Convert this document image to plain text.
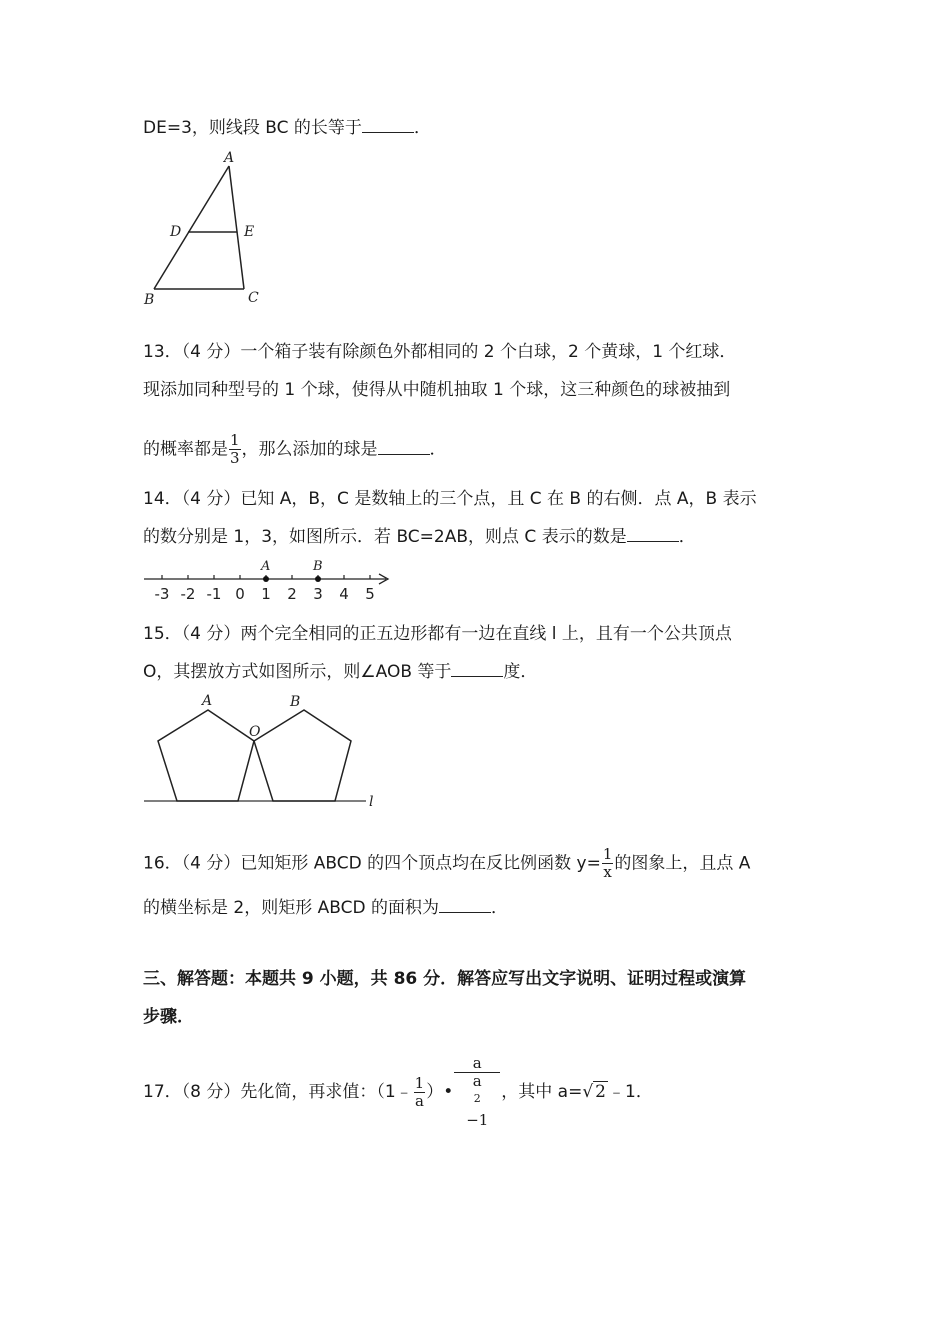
DE=3，则线段 BC 的长等于	．
A
D	E
B	C
13．（4 分）一个箱子装有除颜色外都相同的 2 个白球，2 个黄球，1 个红球．
现添加同种型号的 1 个球，使得从中随机抽取 1 个球，这三种颜色的球被抽到
的概率都是 $\frac{1}{3}$ ，那么添加的球是	．
14．（4 分）已知 A，B，C 是数轴上的三个点，且 C 在 B 的右侧．点 A，B 表示
的数分别是 1，3，如图所示．若 BC=2AB，则点 C 表示的数是	．
-3 -2 -1 0 1 2 3 4 5
A	B
15．（4 分）两个完全相同的正五边形都有一边在直线 l 上，且有一个公共顶点
O，其摆放方式如图所示，则∠AOB 等于	度．
A	B
O
l
16．（4 分）已知矩形 ABCD 的四个顶点均在反比例函数 $y= \frac{1}{x}$ 的图象上，且点 A
的横坐标是 2，则矩形 ABCD 的面积为	．
三、解答题：本题共 9 小题，共 86 分．解答应写出文字说明、证明过程或演算
步骤．
17．（8 分）先化简，再求值：（1﹣ $\frac{1}{a}$ ）• a
a
$^2$
−1 ，其中 a=√ 2 ﹣1．
